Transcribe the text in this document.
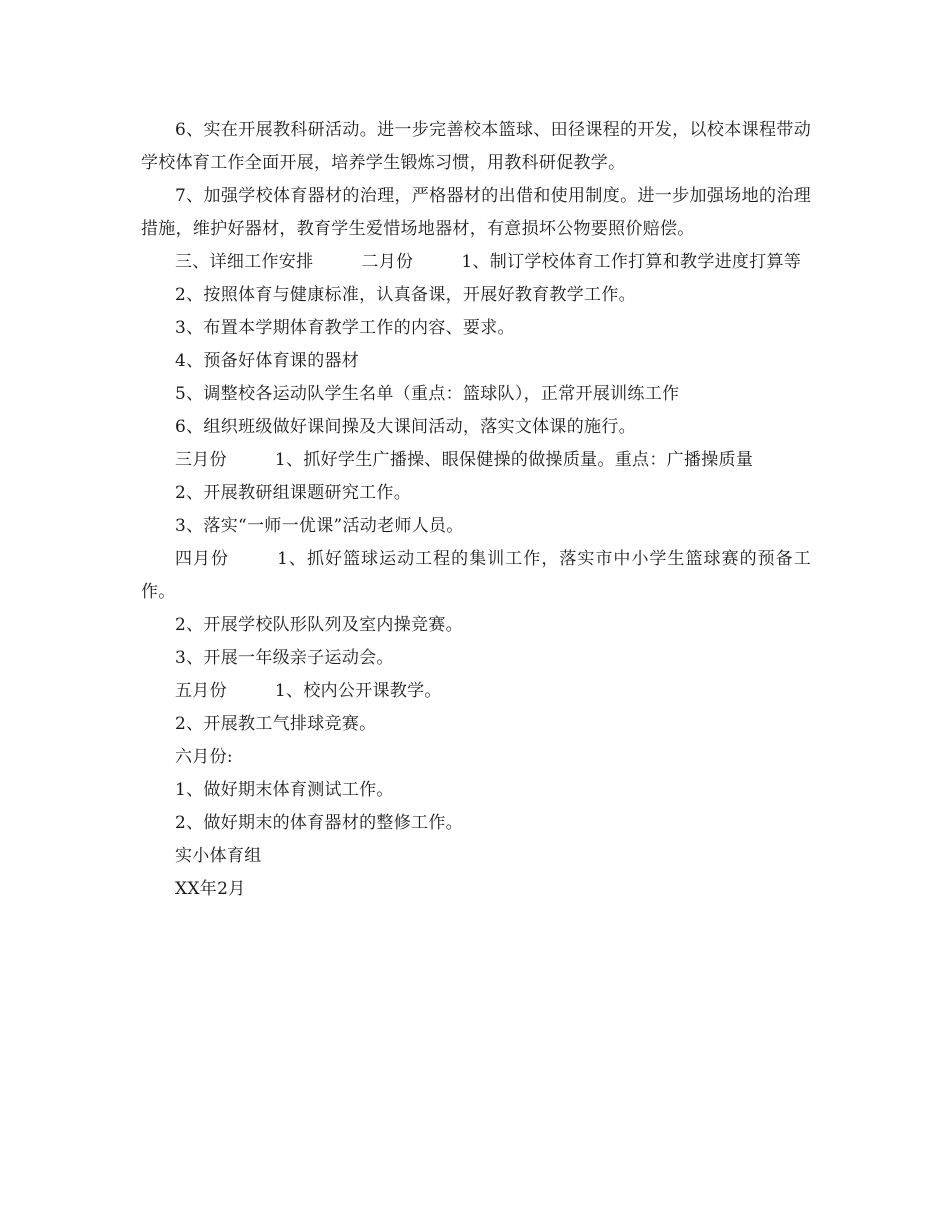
6、实在开展教科研活动。进一步完善校本篮球、田径课程的开发，以校本课程带动学校体育工作全面开展，培养学生锻炼习惯，用教科研促教学。

7、加强学校体育器材的治理，严格器材的出借和使用制度。进一步加强场地的治理措施，维护好器材，教育学生爱惜场地器材，有意损坏公物要照价赔偿。

三、详细工作安排	二月份	1、制订学校体育工作打算和教学进度打算等

2、按照体育与健康标准，认真备课，开展好教育教学工作。

3、布置本学期体育教学工作的内容、要求。

4、预备好体育课的器材

5、调整校各运动队学生名单（重点：篮球队），正常开展训练工作

6、组织班级做好课间操及大课间活动，落实文体课的施行。

三月份	1、抓好学生广播操、眼保健操的做操质量。重点：广播操质量

2、开展教研组课题研究工作。

3、落实“一师一优课”活动老师人员。

四月份	1、抓好篮球运动工程的集训工作，落实市中小学生篮球赛的预备工作。

2、开展学校队形队列及室内操竞赛。

3、开展一年级亲子运动会。

五月份	1、校内公开课教学。

2、开展教工气排球竞赛。

六月份:

1、做好期末体育测试工作。

2、做好期末的体育器材的整修工作。

实小体育组

XX年2月
